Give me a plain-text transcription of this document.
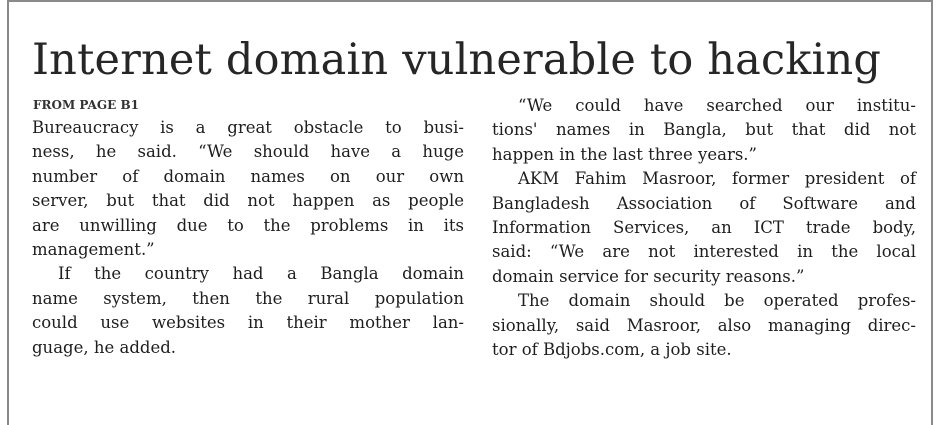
Internet domain vulnerable to hacking
FROM PAGE B1
Bureaucracy is a great obstacle to busi-
ness, he said. “We should have a huge
number of domain names on our own
server, but that did not happen as people
are unwilling due to the problems in its
management.”
If the country had a Bangla domain
name system, then the rural population
could use websites in their mother lan-
guage, he added.
“We could have searched our institu-
tions' names in Bangla, but that did not
happen in the last three years.”
AKM Fahim Masroor, former president of
Bangladesh Association of Software and
Information Services, an ICT trade body,
said: “We are not interested in the local
domain service for security reasons.”
The domain should be operated profes-
sionally, said Masroor, also managing direc-
tor of Bdjobs.com, a job site.
